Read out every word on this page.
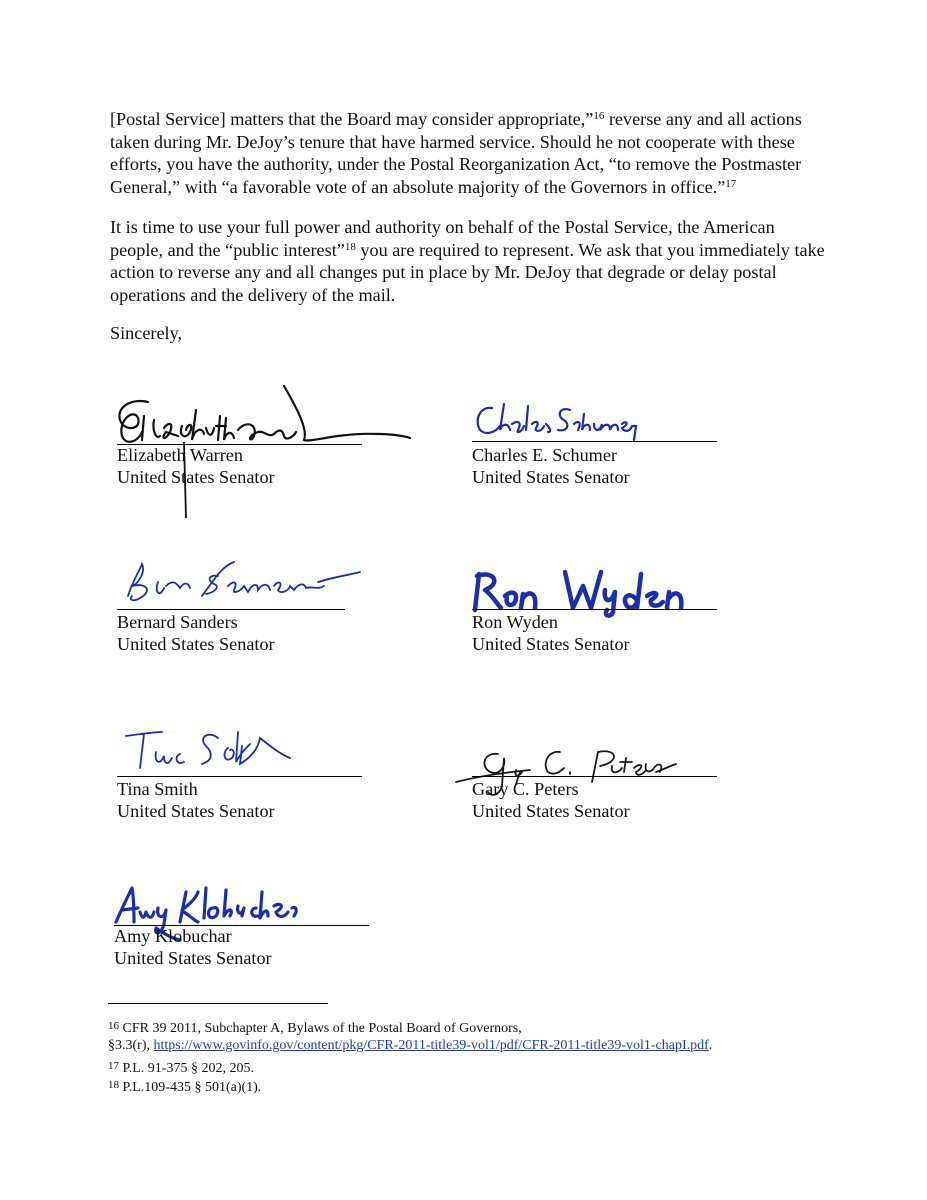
[Postal Service] matters that the Board may consider appropriate,”$^{16}$ reverse any and all actions taken during Mr. DeJoy’s tenure that have harmed service. Should he not cooperate with these efforts, you have the authority, under the Postal Reorganization Act, “to remove the Postmaster General,” with “a favorable vote of an absolute majority of the Governors in office.”$^{17}$
It is time to use your full power and authority on behalf of the Postal Service, the American people, and the “public interest”$^{18}$ you are required to represent. We ask that you immediately take action to reverse any and all changes put in place by Mr. DeJoy that degrade or delay postal operations and the delivery of the mail.
Sincerely,
Elizabeth Warren
United States Senator
Charles E. Schumer
United States Senator
Bernard Sanders
United States Senator
Ron Wyden
United States Senator
Tina Smith
United States Senator
Gary C. Peters
United States Senator
Amy Klobuchar
United States Senator
$^{16}$ CFR 39 2011, Subchapter A, Bylaws of the Postal Board of Governors,
§3.3(r), https://www.govinfo.gov/content/pkg/CFR-2011-title39-vol1/pdf/CFR-2011-title39-vol1-chapI.pdf.
$^{17}$ P.L. 91-375 § 202, 205.
$^{18}$ P.L.109-435 § 501(a)(1).
